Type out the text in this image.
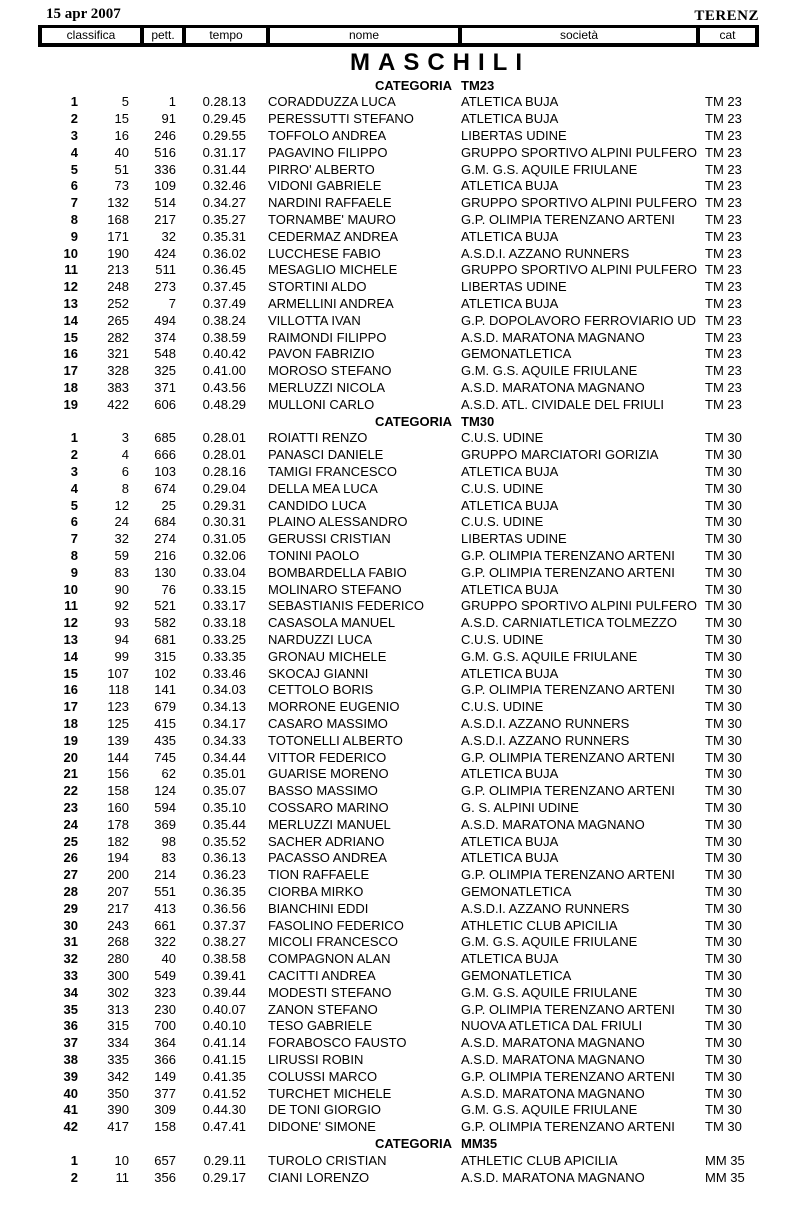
15 apr 2007	TERENZ
classifica	pett.	tempo	nome	società	cat
MASCHILI
CATEGORIA TM23
1	5	1	0.28.13 CORADDUZZA LUCA	ATLETICA BUJA	TM 23
2	15	91	0.29.45 PERESSUTTI STEFANO	ATLETICA BUJA	TM 23
3	16	246	0.29.55 TOFFOLO ANDREA	LIBERTAS UDINE	TM 23
4	40	516	0.31.17 PAGAVINO FILIPPO	GRUPPO SPORTIVO ALPINI PULFERO TM 23
5	51	336	0.31.44 PIRRO' ALBERTO	G.M. G.S. AQUILE FRIULANE	TM 23
6	73	109	0.32.46 VIDONI GABRIELE	ATLETICA BUJA	TM 23
7	132	514	0.34.27 NARDINI RAFFAELE	GRUPPO SPORTIVO ALPINI PULFERO TM 23
8	168	217	0.35.27 TORNAMBE' MAURO	G.P. OLIMPIA TERENZANO ARTENI TM 23
9	171	32	0.35.31 CEDERMAZ ANDREA	ATLETICA BUJA	TM 23
10	190	424	0.36.02 LUCCHESE FABIO	A.S.D.I. AZZANO RUNNERS	TM 23
11	213	511	0.36.45 MESAGLIO MICHELE	GRUPPO SPORTIVO ALPINI PULFERO TM 23
12	248	273	0.37.45 STORTINI ALDO	LIBERTAS UDINE	TM 23
13	252	7	0.37.49 ARMELLINI ANDREA	ATLETICA BUJA	TM 23
14	265	494	0.38.24 VILLOTTA IVAN	G.P. DOPOLAVORO FERROVIARIO UD TM 23
15	282	374	0.38.59 RAIMONDI FILIPPO	A.S.D. MARATONA MAGNANO	TM 23
16	321	548	0.40.42 PAVON FABRIZIO	GEMONATLETICA	TM 23
17	328	325	0.41.00 MOROSO STEFANO	G.M. G.S. AQUILE FRIULANE	TM 23
18	383	371	0.43.56 MERLUZZI NICOLA	A.S.D. MARATONA MAGNANO	TM 23
19	422	606	0.48.29 MULLONI CARLO	A.S.D. ATL. CIVIDALE DEL FRIULI	TM 23
CATEGORIA TM30
1	3	685	0.28.01 ROIATTI RENZO	C.U.S. UDINE	TM 30
2	4	666	0.28.01 PANASCI DANIELE	GRUPPO MARCIATORI GORIZIA	TM 30
3	6	103	0.28.16 TAMIGI FRANCESCO	ATLETICA BUJA	TM 30
4	8	674	0.29.04 DELLA MEA LUCA	C.U.S. UDINE	TM 30
5	12	25	0.29.31 CANDIDO LUCA	ATLETICA BUJA	TM 30
6	24	684	0.30.31 PLAINO ALESSANDRO	C.U.S. UDINE	TM 30
7	32	274	0.31.05 GERUSSI CRISTIAN	LIBERTAS UDINE	TM 30
8	59	216	0.32.06 TONINI PAOLO	G.P. OLIMPIA TERENZANO ARTENI TM 30
9	83	130	0.33.04 BOMBARDELLA FABIO	G.P. OLIMPIA TERENZANO ARTENI TM 30
10	90	76	0.33.15 MOLINARO STEFANO	ATLETICA BUJA	TM 30
11	92	521	0.33.17 SEBASTIANIS FEDERICO	GRUPPO SPORTIVO ALPINI PULFERO TM 30
12	93	582	0.33.18 CASASOLA MANUEL	A.S.D. CARNIATLETICA TOLMEZZO TM 30
13	94	681	0.33.25 NARDUZZI LUCA	C.U.S. UDINE	TM 30
14	99	315	0.33.35 GRONAU MICHELE	G.M. G.S. AQUILE FRIULANE	TM 30
15	107	102	0.33.46 SKOCAJ GIANNI	ATLETICA BUJA	TM 30
16	118	141	0.34.03 CETTOLO BORIS	G.P. OLIMPIA TERENZANO ARTENI TM 30
17	123	679	0.34.13 MORRONE EUGENIO	C.U.S. UDINE	TM 30
18	125	415	0.34.17 CASARO MASSIMO	A.S.D.I. AZZANO RUNNERS	TM 30
19	139	435	0.34.33 TOTONELLI ALBERTO	A.S.D.I. AZZANO RUNNERS	TM 30
20	144	745	0.34.44 VITTOR FEDERICO	G.P. OLIMPIA TERENZANO ARTENI TM 30
21	156	62	0.35.01 GUARISE MORENO	ATLETICA BUJA	TM 30
22	158	124	0.35.07 BASSO MASSIMO	G.P. OLIMPIA TERENZANO ARTENI TM 30
23	160	594	0.35.10 COSSARO MARINO	G. S. ALPINI UDINE	TM 30
24	178	369	0.35.44 MERLUZZI MANUEL	A.S.D. MARATONA MAGNANO	TM 30
25	182	98	0.35.52 SACHER ADRIANO	ATLETICA BUJA	TM 30
26	194	83	0.36.13 PACASSO ANDREA	ATLETICA BUJA	TM 30
27	200	214	0.36.23 TION RAFFAELE	G.P. OLIMPIA TERENZANO ARTENI TM 30
28	207	551	0.36.35 CIORBA MIRKO	GEMONATLETICA	TM 30
29	217	413	0.36.56 BIANCHINI EDDI	A.S.D.I. AZZANO RUNNERS	TM 30
30	243	661	0.37.37 FASOLINO FEDERICO	ATHLETIC CLUB APICILIA	TM 30
31	268	322	0.38.27 MICOLI FRANCESCO	G.M. G.S. AQUILE FRIULANE	TM 30
32	280	40	0.38.58 COMPAGNON ALAN	ATLETICA BUJA	TM 30
33	300	549	0.39.41 CACITTI ANDREA	GEMONATLETICA	TM 30
34	302	323	0.39.44 MODESTI STEFANO	G.M. G.S. AQUILE FRIULANE	TM 30
35	313	230	0.40.07 ZANON STEFANO	G.P. OLIMPIA TERENZANO ARTENI TM 30
36	315	700	0.40.10 TESO GABRIELE	NUOVA ATLETICA DAL FRIULI	TM 30
37	334	364	0.41.14 FORABOSCO FAUSTO	A.S.D. MARATONA MAGNANO	TM 30
38	335	366	0.41.15 LIRUSSI ROBIN	A.S.D. MARATONA MAGNANO	TM 30
39	342	149	0.41.35 COLUSSI MARCO	G.P. OLIMPIA TERENZANO ARTENI TM 30
40	350	377	0.41.52 TURCHET MICHELE	A.S.D. MARATONA MAGNANO	TM 30
41	390	309	0.44.30 DE TONI GIORGIO	G.M. G.S. AQUILE FRIULANE	TM 30
42	417	158	0.47.41 DIDONE' SIMONE	G.P. OLIMPIA TERENZANO ARTENI TM 30
CATEGORIA MM35
1	10	657	0.29.11 TUROLO CRISTIAN	ATHLETIC CLUB APICILIA	MM 35
2	11	356	0.29.17 CIANI LORENZO	A.S.D. MARATONA MAGNANO	MM 35
